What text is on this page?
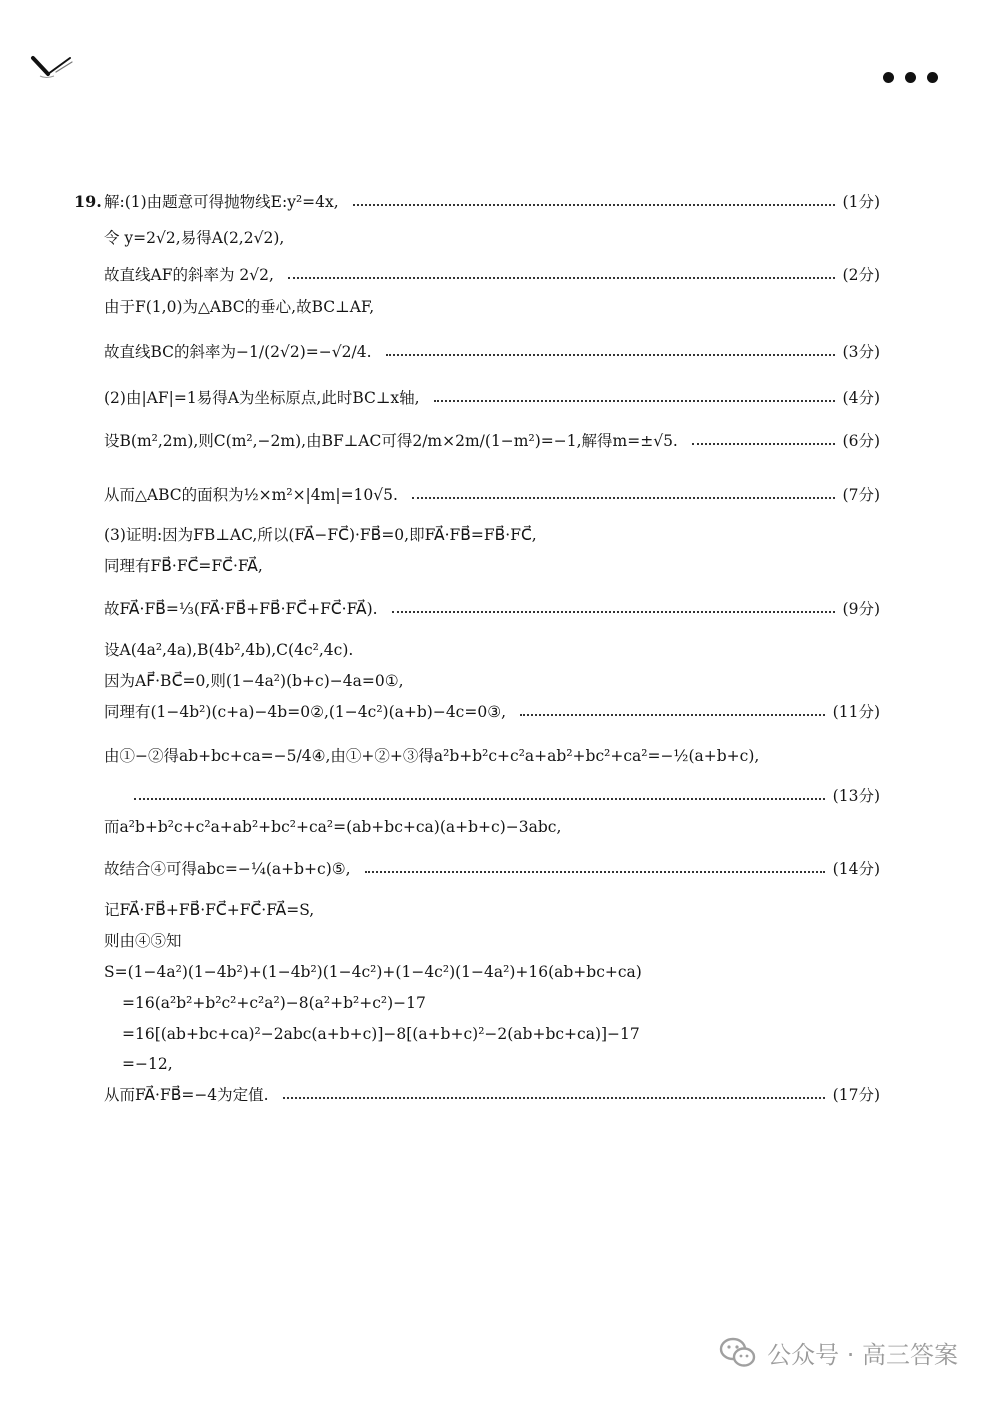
19. 解:(1)由题意可得抛物线E:y²=4x,	(1分)
令 y=2√2,易得A(2,2√2),
故直线AF的斜率为 2√2,	(2分)
由于F(1,0)为△ABC的垂心,故BC⊥AF,
故直线BC的斜率为−1/(2√2)=−√2/4.	(3分)
(2)由|AF|=1易得A为坐标原点,此时BC⊥x轴,	(4分)
设B(m²,2m),则C(m²,−2m),由BF⊥AC可得2/m×2m/(1−m²)=−1,解得m=±√5.	(6分)
从而△ABC的面积为½×m²×|4m|=10√5.	(7分)
(3)证明:因为FB⊥AC,所以(FA⃗−FC⃗)·FB⃗=0,即FA⃗·FB⃗=FB⃗·FC⃗,
同理有FB⃗·FC⃗=FC⃗·FA⃗,
故FA⃗·FB⃗=⅓(FA⃗·FB⃗+FB⃗·FC⃗+FC⃗·FA⃗).	(9分)
设A(4a²,4a),B(4b²,4b),C(4c²,4c).
因为AF⃗·BC⃗=0,则(1−4a²)(b+c)−4a=0①,
同理有(1−4b²)(c+a)−4b=0②,(1−4c²)(a+b)−4c=0③,	(11分)
由①−②得ab+bc+ca=−5/4④,由①+②+③得a²b+b²c+c²a+ab²+bc²+ca²=−½(a+b+c),
(13分)
而a²b+b²c+c²a+ab²+bc²+ca²=(ab+bc+ca)(a+b+c)−3abc,
故结合④可得abc=−¼(a+b+c)⑤,	(14分)
记FA⃗·FB⃗+FB⃗·FC⃗+FC⃗·FA⃗=S,
则由④⑤知
S=(1−4a²)(1−4b²)+(1−4b²)(1−4c²)+(1−4c²)(1−4a²)+16(ab+bc+ca)
=16(a²b²+b²c²+c²a²)−8(a²+b²+c²)−17
=16[(ab+bc+ca)²−2abc(a+b+c)]−8[(a+b+c)²−2(ab+bc+ca)]−17
=−12,
从而FA⃗·FB⃗=−4为定值.	(17分)
公众号 · 高三答案
